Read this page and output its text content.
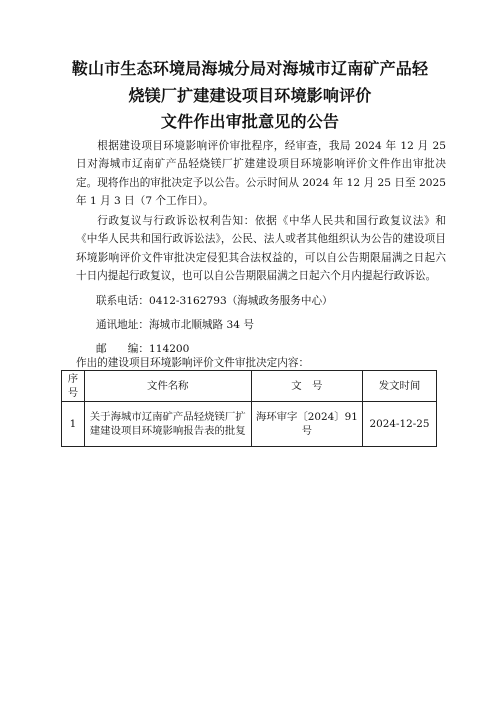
鞍山市生态环境局海城分局对海城市辽南矿产品轻
烧镁厂扩建建设项目环境影响评价
文件作出审批意见的公告

根据建设项目环境影响评价审批程序，经审查，我局 2024 年 12 月 25 日对海城市辽南矿产品轻烧镁厂扩建建设项目环境影响评价文件作出审批决定。现将作出的审批决定予以公告。公示时间从 2024 年 12 月 25 日至 2025 年 1 月 3 日（7 个工作日）。

行政复议与行政诉讼权利告知：依据《中华人民共和国行政复议法》和《中华人民共和国行政诉讼法》，公民、法人或者其他组织认为公告的建设项目环境影响评价文件审批决定侵犯其合法权益的，可以自公告期限届满之日起六十日内提起行政复议，也可以自公告期限届满之日起六个月内提起行政诉讼。

联系电话：0412-3162793（海城政务服务中心）
通讯地址：海城市北顺城路 34 号
邮　　编：114200
作出的建设项目环境影响评价文件审批决定内容：
序号	文件名称	文　号	发文时间
1	关于海城市辽南矿产品轻烧镁厂扩建建设项目环境影响报告表的批复	海环审字〔2024〕91 号	2024-12-25
